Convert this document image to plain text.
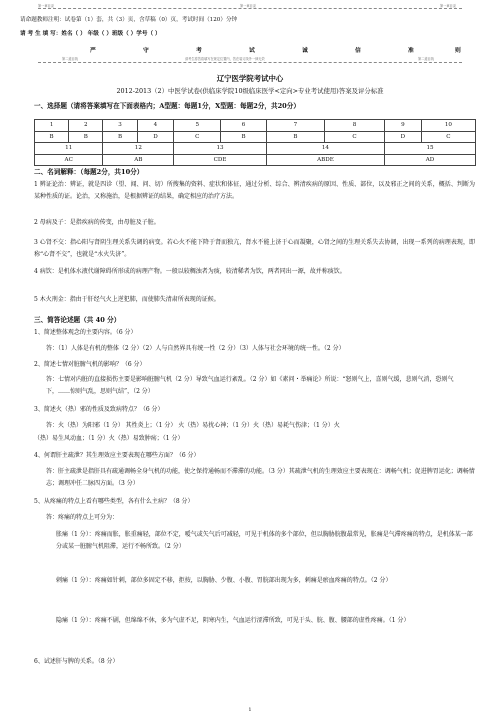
第一章目录	第一章目录	第一章目录
请命题教师注明：试卷第（1）套，共（3）页，含草稿（0）页，考试时间（120）分钟
请 考 生 填 写：姓名（ ） 年级（ ）班级（ ）学号（ ）
严	守	考	试	诚	信	准	则
第二道目线	请考生将答卷填写在规定位置内，答在装订线外一律无效	第二道目线
辽宁医学院考试中心
2012-2013（2）中医学试卷(供临床学院10级临床医学<定向>专业考试使用)答案及评分标准
一、选择题（请将答案填写在下面表格内；A型题：每题1分，X型题：每题2分，共20分）
1	2	3	4	5	6	7	8	9	10
B	B	B	D	C	B	B	C	D	C
11		12		13		14		15	
AC		AB		CDE		ABDE		AD	
二、名词解释：（每题2分，共10分）
1 辨证论治：辨证，就是四诊（望、闻、问、切）所搜集的资料、症状和体征，通过分析、综合、辨清疾病的原因、性质、部位，以及邪正之间的关系，概括、判断为某种性质的证。论治，又称施治，是根据辨证的结果，确定相应的治疗方法。
2 母病及子：是指疾病的传变，由母脏及子脏。
3 心肾不交：指心阳与肾阴生理关系失调的病变。若心火不能下降于肾而独亢，肾水不能上济于心而凝聚，心肾之间的生理关系失去协调，出现一系列的病理表现，即称“心肾不交”，也就是“水火失济”。
4 病饮：是机体水液代谢障碍所形成的病理产物。一般以较稠浊者为痰，较清稀者为饮，两者同出一源，故并称痰饮。
5 木火刑金：指由于肝经气火上逆犯肺，而使肺失清肃所表现的证候。
三、简答论述题（共 40 分）
1、简述整体观念的主要内容。（6 分）
答：（1）人体是有机的整体（2 分）（2）人与自然界具有统一性（2 分）（3）人体与社会环境的统一性。（2 分）
2、简述七情对脏腑气机的影响？（6 分）
答：七情对内脏的直接损伤主要是影响脏腑气机（2 分）导致气血运行紊乱。（2 分）如《素问・举痛论》所说：“怒则气上，喜则气缓，悲则气消，恐则气下，……惊则气乱，思则气结”，（2 分）
3、简述火（热）邪的性质及致病特点？（6 分）
答：火（热）为阳邪（1 分） 其性炎上；（1 分） 火（热）易扰心神；（1 分）火（热）易耗气伤津；（1 分）火
（热）易生风动血；（1 分）火（热）易致肿疡；（1 分）
4、何谓肝主疏泄？其生理效应主要表现在哪些方面？（6 分）
答：肝主疏泄是指肝具有疏通调畅全身气机的功能，使之保持通畅而不滞滞的功能。（3 分）其疏泄气机的生理效应主要表现在：调畅气机；促进脾胃运化；调畅情志；调理冲任二脉四方面。（3 分）
5、从疼痛的特点上看有哪些类型，各有什么主病？（8 分）
答：疼痛的特点上可分为：
胀痛（1 分）：疼痛而胀，胀重痛轻，部位不定，嗳气或矢气后可减轻，可见于机体的多个部位，但以胸胁脘腹最常见，胀痛是气滞疼痛的特点，是机体某一部分或某一脏腑气机阻滞，运行不畅所致。（2 分）
刺痛（1 分）：疼痛如针刺，部位多固定不移，拒按，以胸胁、少腹、小腹、胃脘部出现为多，刺痛是瘀血疼痛的特点。（2 分）
隐痛（1 分）：疼痛不剧，但绵绵不休，多为气虚不足，阴寒内生，气血运行涩滞所致，可见于头、脘、腹、腰部的虚性疼痛。（1 分）
6、试述肝与脾的关系。（8 分）
1
